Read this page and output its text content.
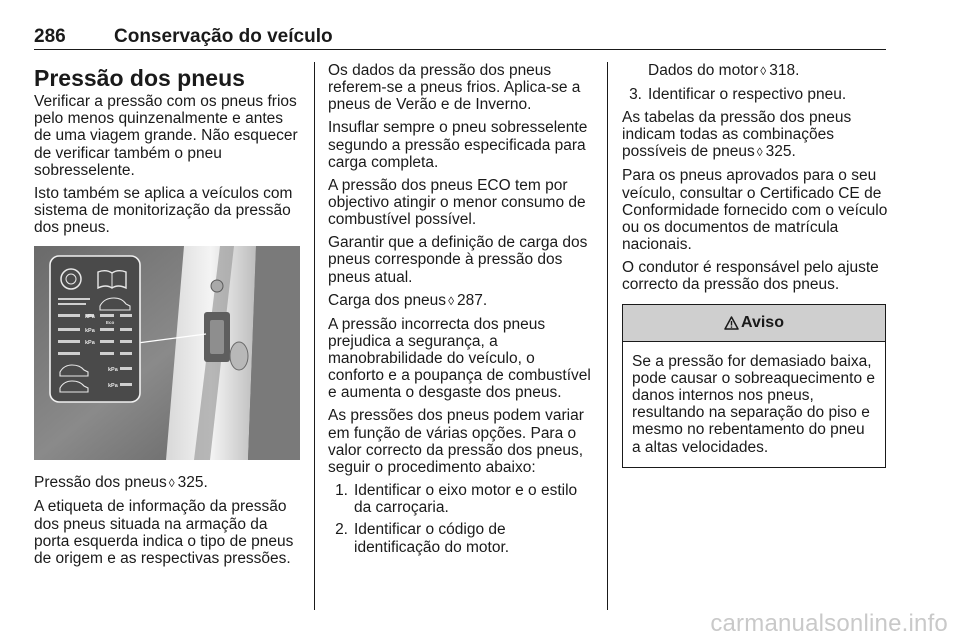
286	Conservação do veículo
Pressão dos pneus

Verificar a pressão com os pneus frios pelo menos quinzenalmente e antes de uma viagem grande. Não esquecer de verificar também o pneu sobresselente.

Isto também se aplica a veículos com sistema de monitorização da pressão dos pneus.

kPa
kPa
kPa
kPa
kPa
Eco

Pressão dos pneus ◊ 325.

A etiqueta de informação da pressão dos pneus situada na armação da porta esquerda indica o tipo de pneus de origem e as respectivas pressões.

Os dados da pressão dos pneus referem-se a pneus frios. Aplica-se a pneus de Verão e de Inverno.

Insuflar sempre o pneu sobresselente segundo a pressão especificada para carga completa.

A pressão dos pneus ECO tem por objectivo atingir o menor consumo de combustível possível.

Garantir que a definição de carga dos pneus corresponde à pressão dos pneus atual.

Carga dos pneus ◊ 287.

A pressão incorrecta dos pneus prejudica a segurança, a manobrabilidade do veículo, o conforto e a poupança de combustível e aumenta o desgaste dos pneus.

As pressões dos pneus podem variar em função de várias opções. Para o valor correcto da pressão dos pneus, seguir o procedimento abaixo:

1. Identificar o eixo motor e o estilo da carroçaria.
2. Identificar o código de identificação do motor.
Dados do motor ◊ 318.
3. Identificar o respectivo pneu.

As tabelas da pressão dos pneus indicam todas as combinações possíveis de pneus ◊ 325.

Para os pneus aprovados para o seu veículo, consultar o Certificado CE de Conformidade fornecido com o veículo ou os documentos de matrícula nacionais.

O condutor é responsável pelo ajuste correcto da pressão dos pneus.

Aviso
Se a pressão for demasiado baixa, pode causar o sobreaquecimento e danos internos nos pneus, resultando na separação do piso e mesmo no rebentamento do pneu a altas velocidades.
carmanualsonline.info
